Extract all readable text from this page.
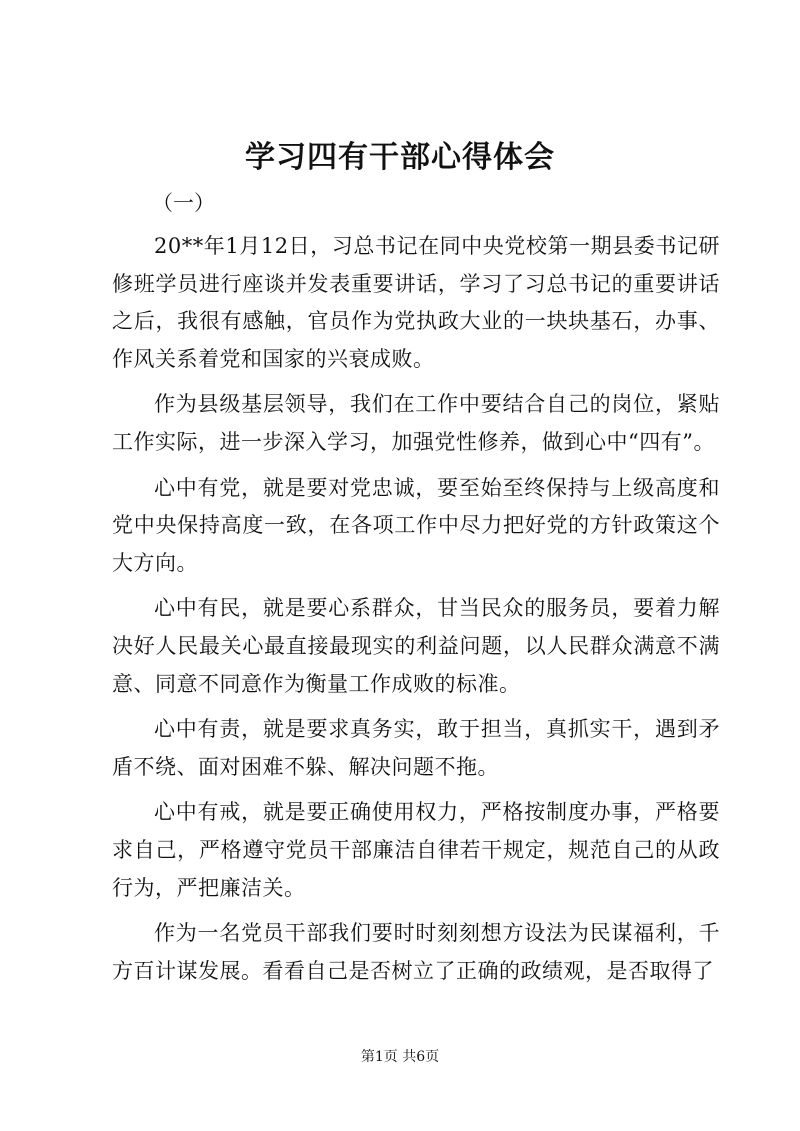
学习四有干部心得体会
（一）

20**年1月12日，习总书记在同中央党校第一期县委书记研修班学员进行座谈并发表重要讲话，学习了习总书记的重要讲话之后，我很有感触，官员作为党执政大业的一块块基石，办事、作风关系着党和国家的兴衰成败。

作为县级基层领导，我们在工作中要结合自己的岗位，紧贴工作实际，进一步深入学习，加强党性修养，做到心中“四有”。

心中有党，就是要对党忠诚，要至始至终保持与上级高度和党中央保持高度一致，在各项工作中尽力把好党的方针政策这个大方向。

心中有民，就是要心系群众，甘当民众的服务员，要着力解决好人民最关心最直接最现实的利益问题，以人民群众满意不满意、同意不同意作为衡量工作成败的标准。

心中有责，就是要求真务实，敢于担当，真抓实干，遇到矛盾不绕、面对困难不躲、解决问题不拖。

心中有戒，就是要正确使用权力，严格按制度办事，严格要求自己，严格遵守党员干部廉洁自律若干规定，规范自己的从政行为，严把廉洁关。

作为一名党员干部我们要时时刻刻想方设法为民谋福利，千方百计谋发展。看看自己是否树立了正确的政绩观，是否取得了

第1页 共6页
